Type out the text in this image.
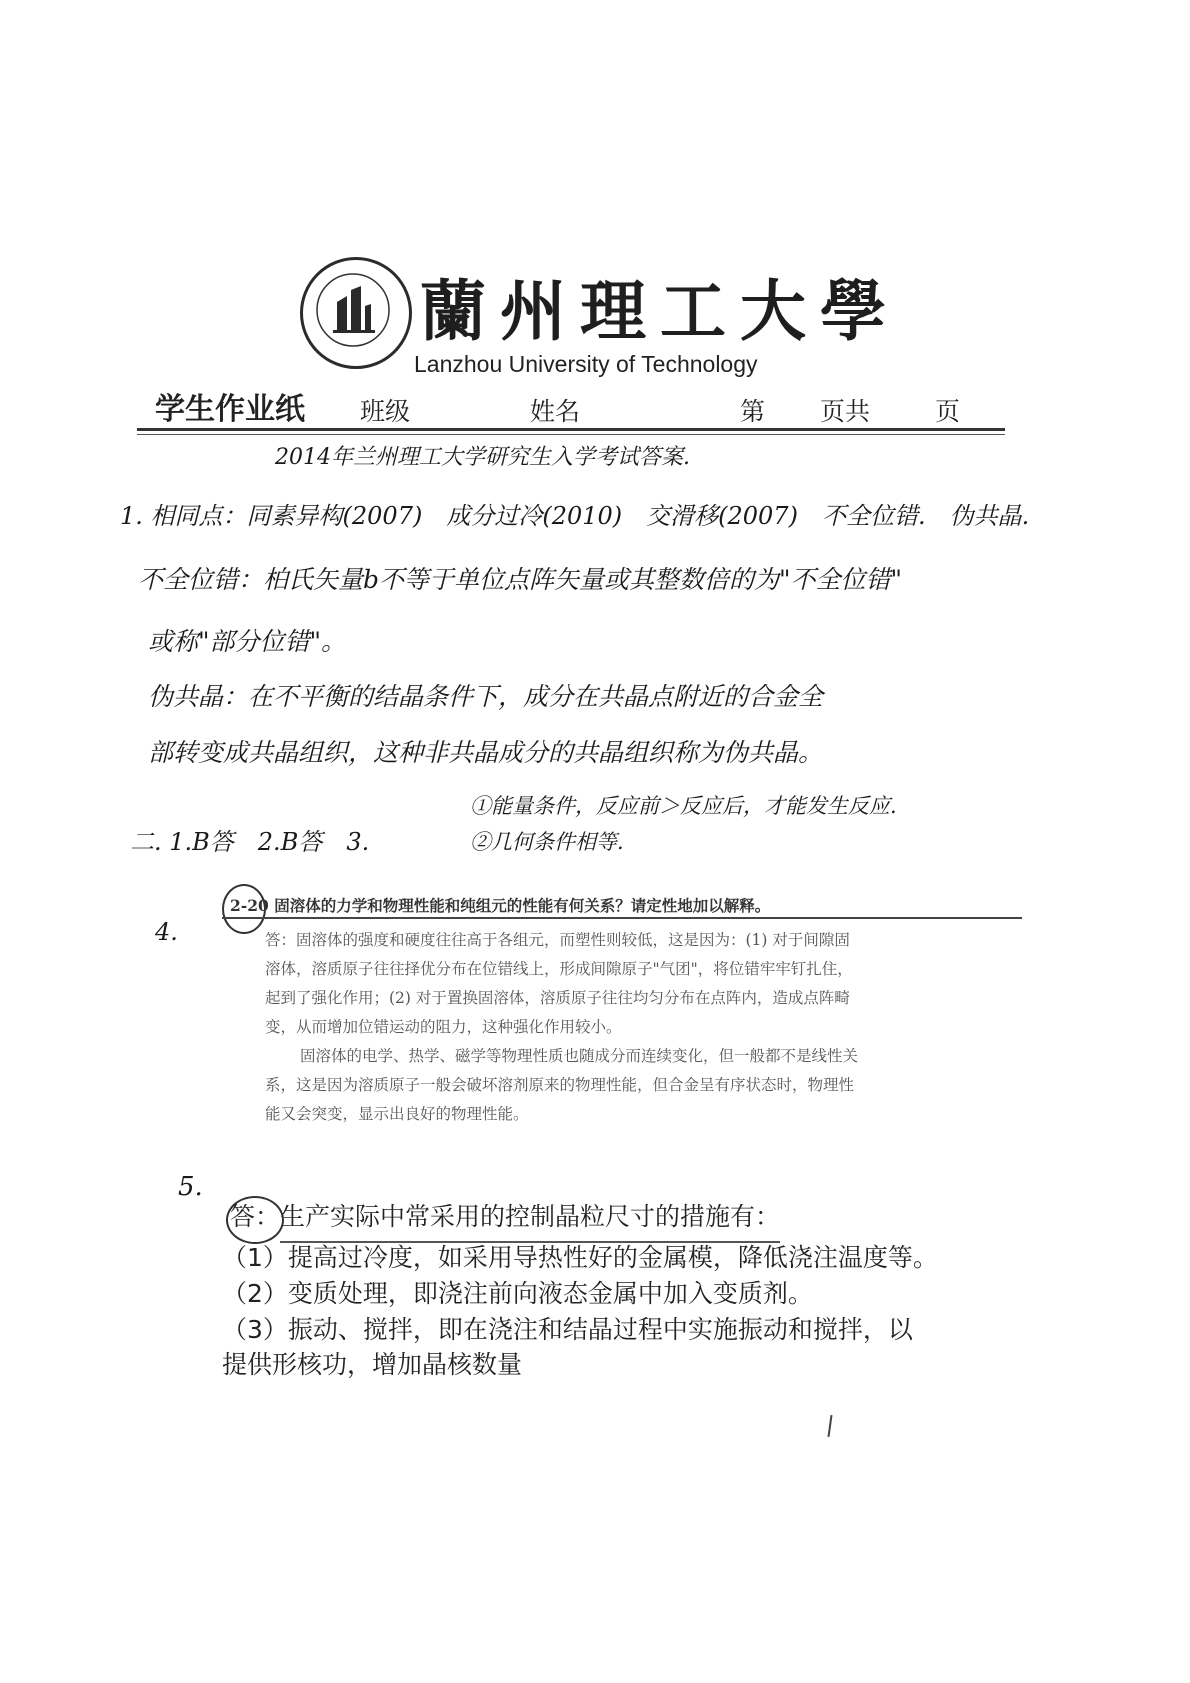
蘭州理工大學
Lanzhou University of Technology
学生作业纸 班级	姓名	第 页共	页
2014年兰州理工大学研究生入学考试答案.
1. 相同点：同素异构(2007)　成分过冷(2010)　交滑移(2007)　不全位错.　伪共晶.
不全位错：柏氏矢量b不等于单位点阵矢量或其整数倍的为"不全位错"
或称"部分位错"。
伪共晶：在不平衡的结晶条件下，成分在共晶点附近的合金全
部转变成共晶组织，这种非共晶成分的共晶组织称为伪共晶。
二. 1.B答　2.B答　3.
①能量条件，反应前＞反应后，才能发生反应.
②几何条件相等.
4.
2-20 固溶体的力学和物理性能和纯组元的性能有何关系？请定性地加以解释。
答：固溶体的强度和硬度往往高于各组元，而塑性则较低，这是因为：(1) 对于间隙固
溶体，溶质原子往往择优分布在位错线上，形成间隙原子"气团"，将位错牢牢钉扎住，
起到了强化作用；(2) 对于置换固溶体，溶质原子往往均匀分布在点阵内，造成点阵畸
变，从而增加位错运动的阻力，这种强化作用较小。
固溶体的电学、热学、磁学等物理性质也随成分而连续变化，但一般都不是线性关
系，这是因为溶质原子一般会破坏溶剂原来的物理性能，但合金呈有序状态时，物理性
能又会突变，显示出良好的物理性能。
5.
答：生产实际中常采用的控制晶粒尺寸的措施有：
（1）提高过冷度，如采用导热性好的金属模，降低浇注温度等。
（2）变质处理，即浇注前向液态金属中加入变质剂。
（3）振动、搅拌，即在浇注和结晶过程中实施振动和搅拌，以
提供形核功，增加晶核数量
